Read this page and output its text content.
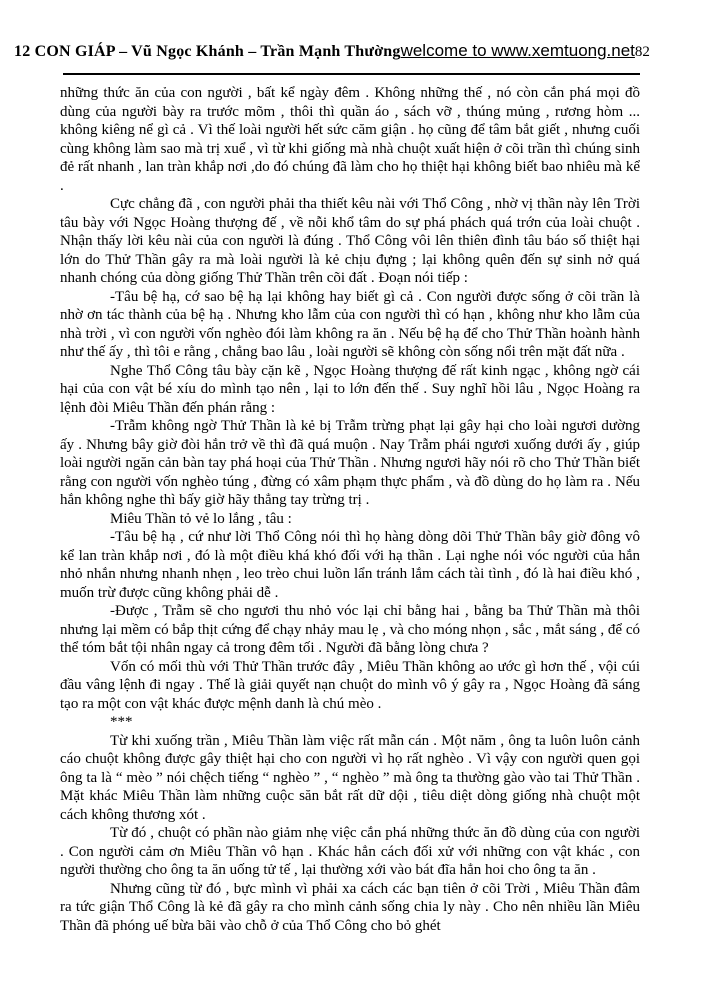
12 CON GIÁP – Vũ Ngọc Khánh – Trần Mạnh Thường welcome to www.xemtuong.net 82

những thức ăn của con người , bất kể ngày đêm . Không những thế , nó còn cắn phá mọi đồ dùng của người bày ra trước mõm , thôi thì quần áo , sách vỡ , thúng mủng , rương hòm ... không kiêng nể gì cả . Vì thế loài người hết sức căm giận . họ cũng để tâm bắt giết , nhưng cuối cùng không làm sao mà trị xuể , vì từ khi giống mà nhà chuột xuất hiện ở cõi trần thì chúng sinh đẻ rất nhanh , lan tràn khắp nơi ,do đó chúng đã làm cho họ thiệt hại không biết bao nhiêu mà kể .

Cực chẳng đã , con người phải tha thiết kêu nài với Thổ Công , nhờ vị thần này lên Trời tâu bày với Ngọc Hoàng thượng đế , về nỗi khổ tâm do sự phá phách quá trớn của loài chuột . Nhận thấy lời kêu nài của con người là đúng . Thổ Công vôi lên thiên đình tâu báo số thiệt hại lớn do Thử Thần gây ra mà loài người là kẻ chịu đựng ; lại không quên đến sự sinh nở quá nhanh chóng của dòng giống Thử Thần trên cõi đất . Đoạn nói tiếp :

-Tâu bệ hạ, cớ sao bệ hạ lại không hay biết gì cả . Con người được sống ở cõi trần là nhờ ơn tác thành của bệ hạ . Nhưng kho lẫm của con người thì có hạn , không như kho lẫm của nhà trời , vì con người vốn nghèo đói làm không ra ăn . Nếu bệ hạ để cho Thử Thần hoành hành như thế ấy , thì tôi e rằng , chẳng bao lâu , loài người sẽ không còn sống nổi trên mặt đất nữa .

Nghe Thổ Công tâu bày cặn kẽ , Ngọc Hoàng thượng đế rất kinh ngạc , không ngờ cái hại của con vật bé xíu do mình tạo nên , lại to lớn đến thế . Suy nghĩ hồi lâu , Ngọc Hoàng ra lệnh đòi Miêu Thần đến phán rằng :

-Trẫm không ngờ Thử Thần là kẻ bị Trẫm trừng phạt lại gây hại cho loài ngươi dường ấy . Nhưng bây giờ đòi hắn trở về thì đã quá muộn . Nay Trẫm phái ngươi xuống dưới ấy , giúp loài người ngăn cản bàn tay phá hoại của Thử Thần . Nhưng ngươi hãy nói rõ cho Thử Thần biết rằng con người vốn nghèo túng , đừng có xâm phạm thực phẩm , và đồ dùng do họ làm ra . Nếu hắn không nghe thì bấy giờ hãy thẳng tay trừng trị .

Miêu Thần tỏ vẻ lo lắng , tâu :

-Tâu bệ hạ , cứ như lời Thổ Công nói thì họ hàng dòng dõi Thử Thần bây giờ đông vô kể lan tràn khắp nơi , đó là một điều khá khó đối với hạ thần . Lại nghe nói vóc người của hắn nhỏ nhắn nhưng nhanh nhẹn , leo trèo chui luồn lẩn tránh lắm cách tài tình , đó là hai điều khó , muốn trừ được cũng không phải dễ .

-Được , Trẫm sẽ cho ngươi thu nhỏ vóc lại chỉ bằng hai , bằng ba Thử Thần mà thôi nhưng lại mềm có bắp thịt cứng để chạy nhảy mau lẹ , và cho móng nhọn , sắc , mắt sáng , để có thể tóm bắt tội nhân ngay cả trong đêm tối . Người đã bằng lòng chưa ?

Vốn có mối thù với Thử Thần trước đây , Miêu Thần không ao ước gì hơn thế , vội cúi đầu vâng lệnh đi ngay . Thế là giải quyết nạn chuột do mình vô ý gây ra , Ngọc Hoàng đã sáng tạo ra một con vật khác được mệnh danh là chú mèo .

***

Từ khi xuống trần , Miêu Thần làm việc rất mẫn cán . Một năm , ông ta luôn luôn cảnh cáo chuột không được gây thiệt hại cho con người vì họ rất nghèo . Vì vậy con người quen gọi ông ta là “ mèo ” nói chệch tiếng “ nghèo ” , “ nghèo ” mà ông ta thường gào vào tai Thử Thần . Mặt khác Miêu Thần làm những cuộc săn bắt rất dữ dội , tiêu diệt dòng giống nhà chuột một cách không thương xót .

Từ đó , chuột có phần nào giảm nhẹ việc cắn phá những thức ăn đồ dùng của con người . Con người cảm ơn Miêu Thần vô hạn . Khác hẳn cách đối xử với những con vật khác , con người thường cho ông ta ăn uống tử tế , lại thường xới vào bát đĩa hẳn hoi cho ông ta ăn .

Nhưng cũng từ đó , bực mình vì phải xa cách các bạn tiên ở cõi Trời , Miêu Thần đâm ra tức giận Thổ Công là kẻ đã gây ra cho mình cảnh sống chia ly này . Cho nên nhiều lần Miêu Thần đã phóng uế bừa bãi vào chỗ ở của Thổ Công cho bỏ ghét
